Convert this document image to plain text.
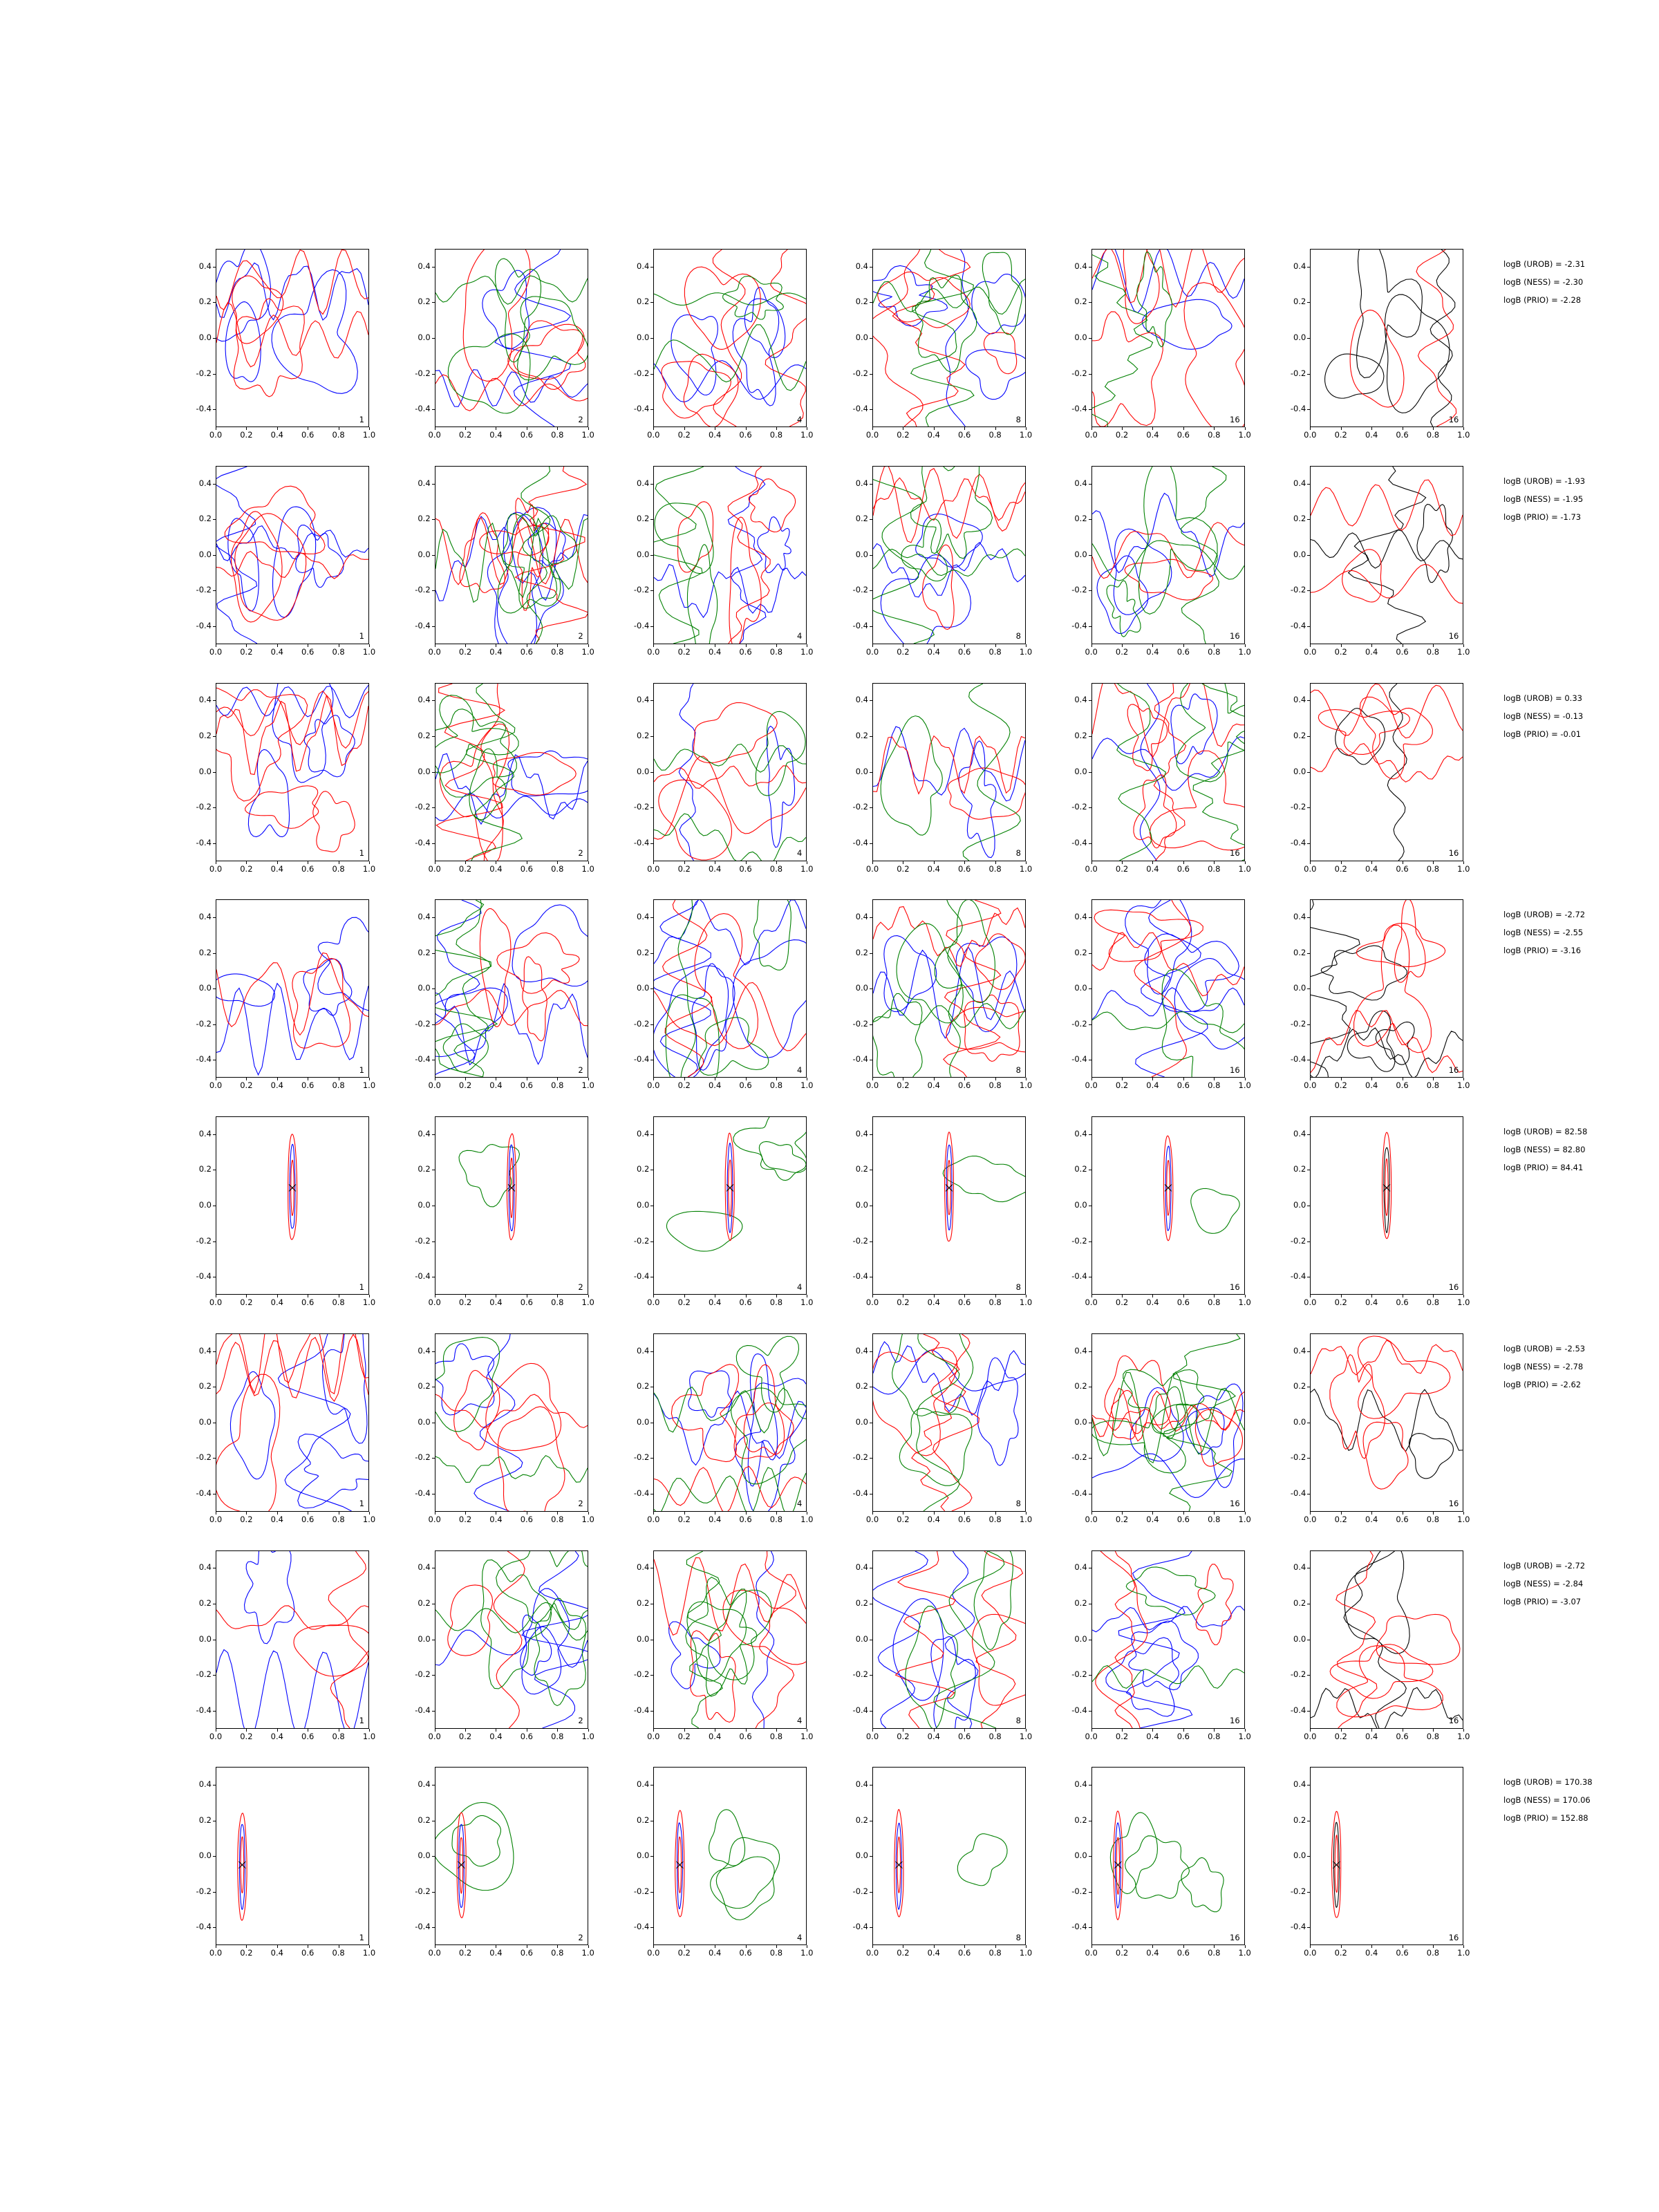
-0.4
-0.2
0.0
0.2
0.4
0.0	0.2	0.4	0.6	0.8	1.0
1
-0.4
-0.2
0.0
0.2
0.4
0.0	0.2	0.4	0.6	0.8	1.0
2
-0.4
-0.2
0.0
0.2
0.4
0.0	0.2	0.4	0.6	0.8	1.0
4
-0.4
-0.2
0.0
0.2
0.4
0.0	0.2	0.4	0.6	0.8	1.0
8
-0.4
-0.2
0.0
0.2
0.4
0.0	0.2	0.4	0.6	0.8	1.0
16
-0.4
-0.2
0.0
0.2
0.4
0.0	0.2	0.4	0.6	0.8	1.0
16
-0.4
-0.2
0.0
0.2
0.4
0.0	0.2	0.4	0.6	0.8	1.0
1
-0.4
-0.2
0.0
0.2
0.4
0.0	0.2	0.4	0.6	0.8	1.0
2
-0.4
-0.2
0.0
0.2
0.4
0.0	0.2	0.4	0.6	0.8	1.0
4
-0.4
-0.2
0.0
0.2
0.4
0.0	0.2	0.4	0.6	0.8	1.0
8
-0.4
-0.2
0.0
0.2
0.4
0.0	0.2	0.4	0.6	0.8	1.0
16
-0.4
-0.2
0.0
0.2
0.4
0.0	0.2	0.4	0.6	0.8	1.0
16
-0.4
-0.2
0.0
0.2
0.4
0.0	0.2	0.4	0.6	0.8	1.0
1
-0.4
-0.2
0.0
0.2
0.4
0.0	0.2	0.4	0.6	0.8	1.0
2
-0.4
-0.2
0.0
0.2
0.4
0.0	0.2	0.4	0.6	0.8	1.0
4
-0.4
-0.2
0.0
0.2
0.4
0.0	0.2	0.4	0.6	0.8	1.0
8
-0.4
-0.2
0.0
0.2
0.4
0.0	0.2	0.4	0.6	0.8	1.0
16
-0.4
-0.2
0.0
0.2
0.4
0.0	0.2	0.4	0.6	0.8	1.0
16
-0.4
-0.2
0.0
0.2
0.4
0.0	0.2	0.4	0.6	0.8	1.0
1
-0.4
-0.2
0.0
0.2
0.4
0.0	0.2	0.4	0.6	0.8	1.0
2
-0.4
-0.2
0.0
0.2
0.4
0.0	0.2	0.4	0.6	0.8	1.0
4
-0.4
-0.2
0.0
0.2
0.4
0.0	0.2	0.4	0.6	0.8	1.0
8
-0.4
-0.2
0.0
0.2
0.4
0.0	0.2	0.4	0.6	0.8	1.0
16
-0.4
-0.2
0.0
0.2
0.4
0.0	0.2	0.4	0.6	0.8	1.0
16
-0.4
-0.2
0.0
0.2
0.4
0.0	0.2	0.4	0.6	0.8	1.0
1
-0.4
-0.2
0.0
0.2
0.4
0.0	0.2	0.4	0.6	0.8	1.0
2
-0.4
-0.2
0.0
0.2
0.4
0.0	0.2	0.4	0.6	0.8	1.0
4
-0.4
-0.2
0.0
0.2
0.4
0.0	0.2	0.4	0.6	0.8	1.0
8
-0.4
-0.2
0.0
0.2
0.4
0.0	0.2	0.4	0.6	0.8	1.0
16
-0.4
-0.2
0.0
0.2
0.4
0.0	0.2	0.4	0.6	0.8	1.0
16
-0.4
-0.2
0.0
0.2
0.4
0.0	0.2	0.4	0.6	0.8	1.0
1
-0.4
-0.2
0.0
0.2
0.4
0.0	0.2	0.4	0.6	0.8	1.0
2
-0.4
-0.2
0.0
0.2
0.4
0.0	0.2	0.4	0.6	0.8	1.0
4
-0.4
-0.2
0.0
0.2
0.4
0.0	0.2	0.4	0.6	0.8	1.0
8
-0.4
-0.2
0.0
0.2
0.4
0.0	0.2	0.4	0.6	0.8	1.0
16
-0.4
-0.2
0.0
0.2
0.4
0.0	0.2	0.4	0.6	0.8	1.0
16
-0.4
-0.2
0.0
0.2
0.4
0.0	0.2	0.4	0.6	0.8	1.0
1
-0.4
-0.2
0.0
0.2
0.4
0.0	0.2	0.4	0.6	0.8	1.0
2
-0.4
-0.2
0.0
0.2
0.4
0.0	0.2	0.4	0.6	0.8	1.0
4
-0.4
-0.2
0.0
0.2
0.4
0.0	0.2	0.4	0.6	0.8	1.0
8
-0.4
-0.2
0.0
0.2
0.4
0.0	0.2	0.4	0.6	0.8	1.0
16
-0.4
-0.2
0.0
0.2
0.4
0.0	0.2	0.4	0.6	0.8	1.0
16
-0.4
-0.2
0.0
0.2
0.4
0.0	0.2	0.4	0.6	0.8	1.0
1
-0.4
-0.2
0.0
0.2
0.4
0.0	0.2	0.4	0.6	0.8	1.0
2
-0.4
-0.2
0.0
0.2
0.4
0.0	0.2	0.4	0.6	0.8	1.0
4
-0.4
-0.2
0.0
0.2
0.4
0.0	0.2	0.4	0.6	0.8	1.0
8
-0.4
-0.2
0.0
0.2
0.4
0.0	0.2	0.4	0.6	0.8	1.0
16
-0.4
-0.2
0.0
0.2
0.4
0.0	0.2	0.4	0.6	0.8	1.0
16
logB (UROB) = -2.31
logB (NESS) = -2.30
logB (PRIO) = -2.28
logB (UROB) = -1.93
logB (NESS) = -1.95
logB (PRIO) = -1.73
logB (UROB) = 0.33
logB (NESS) = -0.13
logB (PRIO) = -0.01
logB (UROB) = -2.72
logB (NESS) = -2.55
logB (PRIO) = -3.16
logB (UROB) = 82.58
logB (NESS) = 82.80
logB (PRIO) = 84.41
logB (UROB) = -2.53
logB (NESS) = -2.78
logB (PRIO) = -2.62
logB (UROB) = -2.72
logB (NESS) = -2.84
logB (PRIO) = -3.07
logB (UROB) = 170.38
logB (NESS) = 170.06
logB (PRIO) = 152.88
